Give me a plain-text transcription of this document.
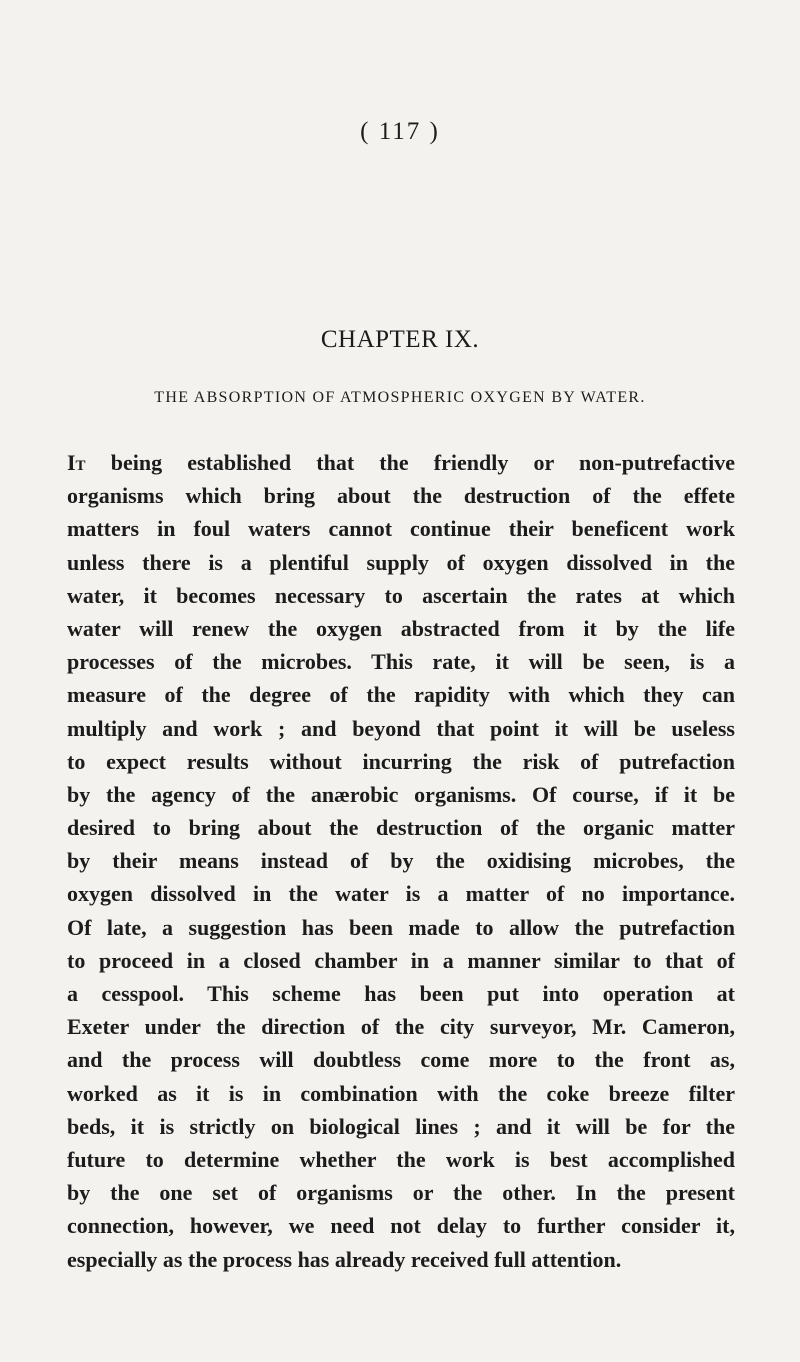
( 117 )
CHAPTER IX.
THE ABSORPTION OF ATMOSPHERIC OXYGEN BY WATER.
It being established that the friendly or non-putrefactive
organisms which bring about the destruction of the effete
matters in foul waters cannot continue their beneficent work
unless there is a plentiful supply of oxygen dissolved in the
water, it becomes necessary to ascertain the rates at which
water will renew the oxygen abstracted from it by the life
processes of the microbes. This rate, it will be seen, is a
measure of the degree of the rapidity with which they can
multiply and work ; and beyond that point it will be useless
to expect results without incurring the risk of putrefaction
by the agency of the anærobic organisms. Of course, if it be
desired to bring about the destruction of the organic matter
by their means instead of by the oxidising microbes, the
oxygen dissolved in the water is a matter of no importance.
Of late, a suggestion has been made to allow the putrefaction
to proceed in a closed chamber in a manner similar to that of
a cesspool. This scheme has been put into operation at
Exeter under the direction of the city surveyor, Mr. Cameron,
and the process will doubtless come more to the front as,
worked as it is in combination with the coke breeze filter
beds, it is strictly on biological lines ; and it will be for the
future to determine whether the work is best accomplished
by the one set of organisms or the other. In the present
connection, however, we need not delay to further consider it,
especially as the process has already received full attention.
